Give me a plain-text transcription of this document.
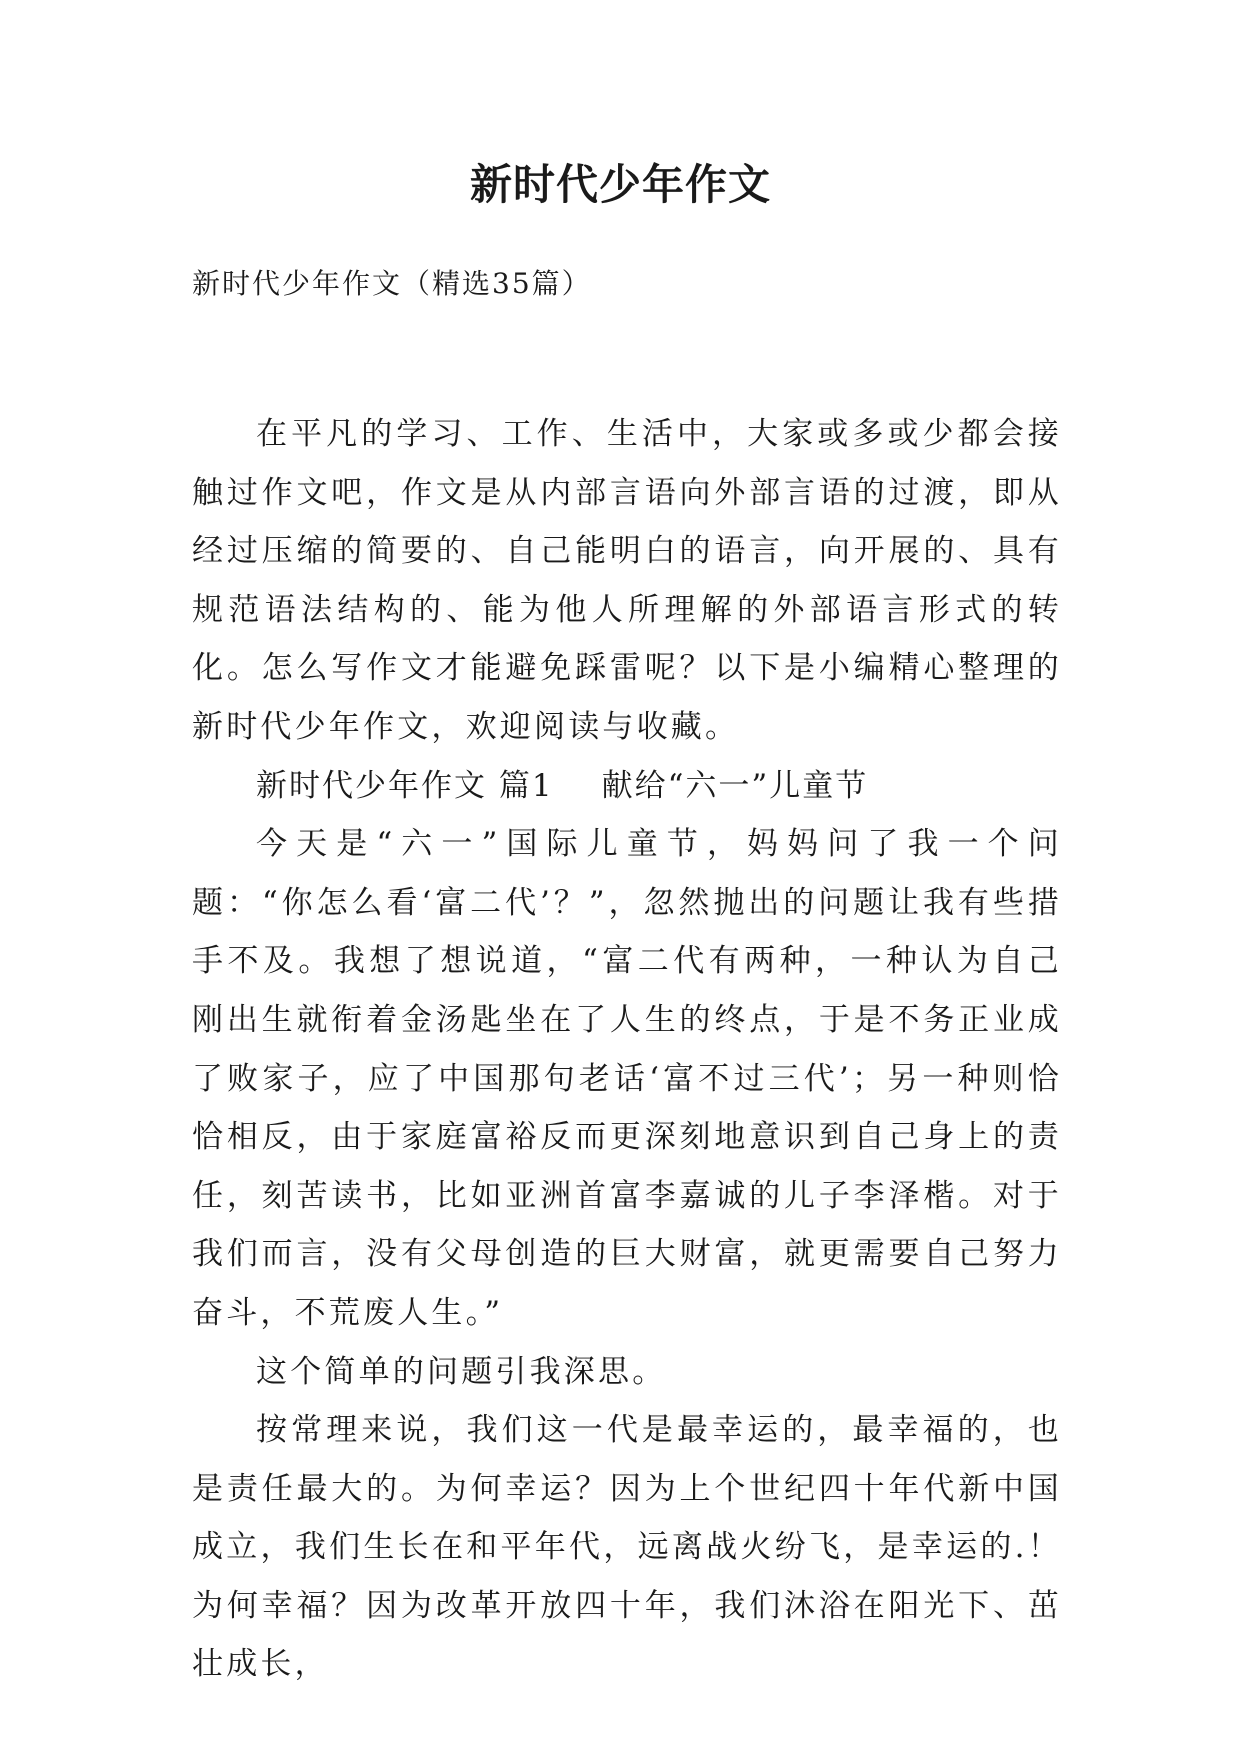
新时代少年作文

新时代少年作文（精选35篇）

在平凡的学习、工作、生活中，大家或多或少都会接触过作文吧，作文是从内部言语向外部言语的过渡，即从经过压缩的简要的、自己能明白的语言，向开展的、具有规范语法结构的、能为他人所理解的外部语言形式的转化。怎么写作文才能避免踩雷呢？以下是小编精心整理的新时代少年作文，欢迎阅读与收藏。

新时代少年作文 篇1 献给“六一”儿童节

今天是“六一”国际儿童节，妈妈问了我一个问题：“你怎么看‘富二代’？”，忽然抛出的问题让我有些措手不及。我想了想说道，“富二代有两种，一种认为自己刚出生就衔着金汤匙坐在了人生的终点，于是不务正业成了败家子，应了中国那句老话‘富不过三代’；另一种则恰恰相反，由于家庭富裕反而更深刻地意识到自己身上的责任，刻苦读书，比如亚洲首富李嘉诚的儿子李泽楷。对于我们而言，没有父母创造的巨大财富，就更需要自己努力奋斗，不荒废人生。”

这个简单的问题引我深思。

按常理来说，我们这一代是最幸运的，最幸福的，也是责任最大的。为何幸运？因为上个世纪四十年代新中国成立，我们生长在和平年代，远离战火纷飞，是幸运的.！为何幸福？因为改革开放四十年，我们沐浴在阳光下、茁壮成长，
